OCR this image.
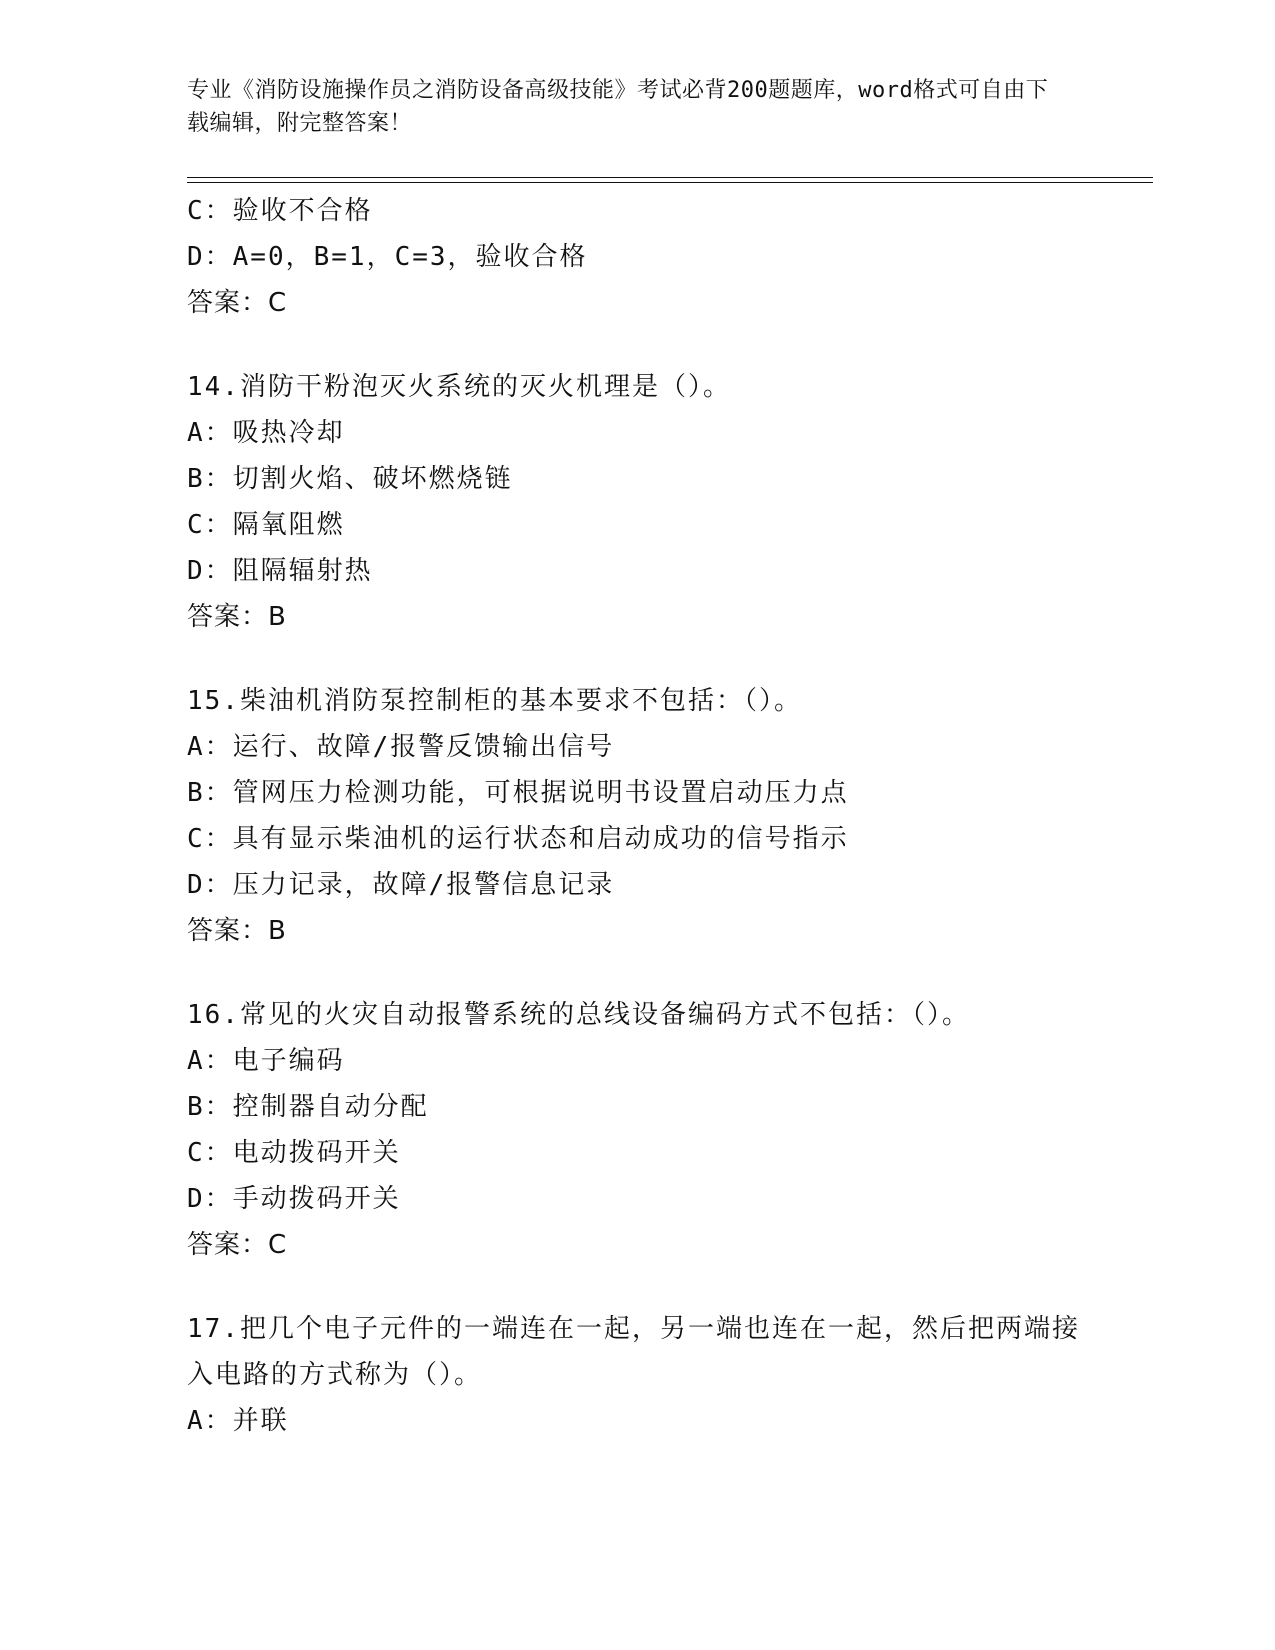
专业《消防设施操作员之消防设备高级技能》考试必背200题题库，word格式可自由下载编辑，附完整答案！
C：验收不合格
D：A=0，B=1，C=3，验收合格
答案：C
14.消防干粉泡灭火系统的灭火机理是（）。
A：吸热冷却
B：切割火焰、破坏燃烧链
C：隔氧阻燃
D：阻隔辐射热
答案：B
15.柴油机消防泵控制柜的基本要求不包括：（）。
A：运行、故障/报警反馈输出信号
B：管网压力检测功能，可根据说明书设置启动压力点
C：具有显示柴油机的运行状态和启动成功的信号指示
D：压力记录，故障/报警信息记录
答案：B
16.常见的火灾自动报警系统的总线设备编码方式不包括：（）。
A：电子编码
B：控制器自动分配
C：电动拨码开关
D：手动拨码开关
答案：C
17.把几个电子元件的一端连在一起，另一端也连在一起，然后把两端接入电路的方式称为（）。
A：并联
